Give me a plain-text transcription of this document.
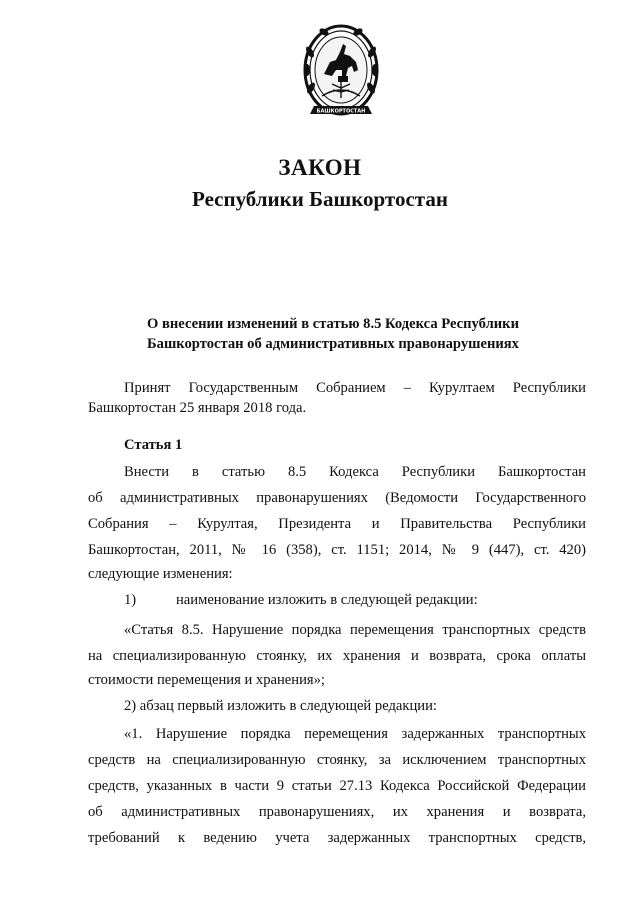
БАШКОРТОСТАН
ЗАКОН
Республики Башкортостан
О внесении изменений в статью 8.5 Кодекса Республики
Башкортостан об административных правонарушениях
Принят Государственным Собранием – Курултаем Республики
Башкортостан 25 января 2018 года.
Статья 1
Внести в статью 8.5 Кодекса Республики Башкортостан
об административных правонарушениях (Ведомости Государственного
Собрания – Курултая, Президента и Правительства Республики
Башкортостан, 2011, № 16 (358), ст. 1151; 2014, № 9 (447), ст. 420)
следующие изменения:
1)	наименование изложить в следующей редакции:
«Статья 8.5. Нарушение порядка перемещения транспортных средств
на специализированную стоянку, их хранения и возврата, срока оплаты
стоимости перемещения и хранения»;
2) абзац первый изложить в следующей редакции:
«1. Нарушение порядка перемещения задержанных транспортных
средств на специализированную стоянку, за исключением транспортных
средств, указанных в части 9 статьи 27.13 Кодекса Российской Федерации
об административных правонарушениях, их хранения и возврата,
требований к ведению учета задержанных транспортных средств,
